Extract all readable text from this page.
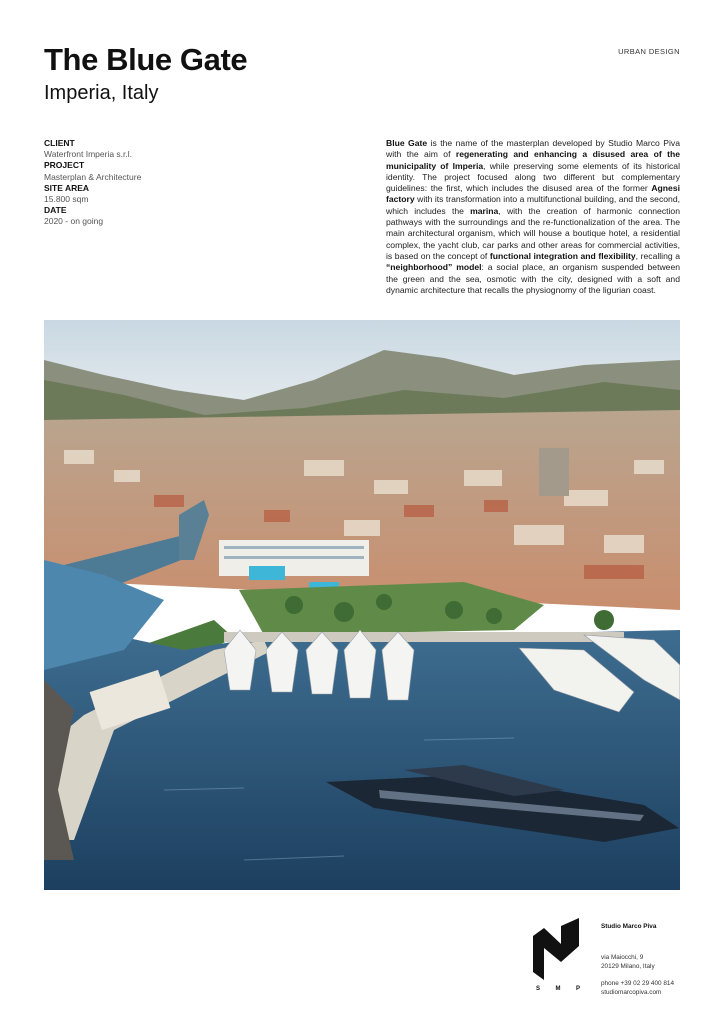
URBAN DESIGN
The Blue Gate
Imperia, Italy
CLIENT
Waterfront Imperia s.r.l.
PROJECT
Masterplan & Architecture
SITE AREA
15.800 sqm
DATE
2020 - on going

Blue Gate is the name of the masterplan developed by Studio Marco Piva with the aim of regenerating and enhancing a disused area of the municipality of Imperia, while preserving some elements of its historical identity. The project focused along two different but complementary guidelines: the first, which includes the disused area of the former Agnesi factory with its transformation into a multifunctional building, and the second, which includes the marina, with the creation of harmonic connection pathways with the surroundings and the re-functionalization of the area. The main architectural organism, which will house a boutique hotel, a residential complex, the yacht club, car parks and other areas for commercial activities, is based on the concept of functional integration and flexibility, recalling a “neighborhood” model: a social place, an organism suspended between the green and the sea, osmotic with the city, designed with a soft and dynamic architecture that recalls the physiognomy of the ligurian coast.

S	M	P
Studio Marco Piva
via Maiocchi, 9
20129 Milano, Italy
phone +39 02 29 400 814
studiomarcopiva.com
